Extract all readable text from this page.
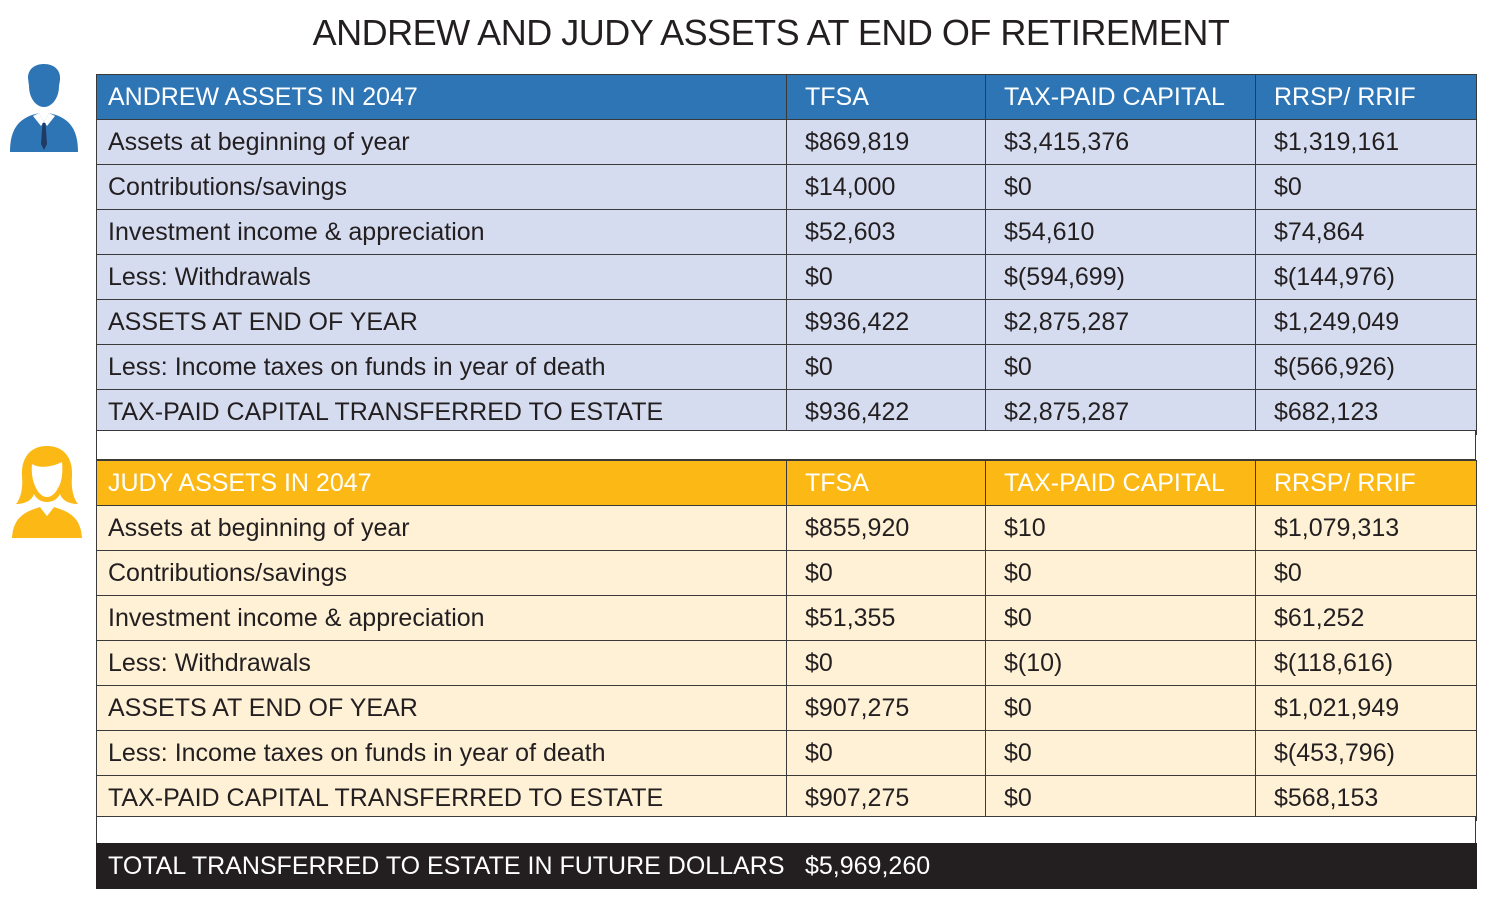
ANDREW AND JUDY ASSETS AT END OF RETIREMENT
ANDREW ASSETS IN 2047	TFSA	TAX-PAID CAPITAL	RRSP/ RRIF
Assets at beginning of year	$869,819	$3,415,376	$1,319,161
Contributions/savings	$14,000	$0	$0
Investment income & appreciation	$52,603	$54,610	$74,864
Less: Withdrawals	$0	$(594,699)	$(144,976)
ASSETS AT END OF YEAR	$936,422	$2,875,287	$1,249,049
Less: Income taxes on funds in year of death	$0	$0	$(566,926)
TAX-PAID CAPITAL TRANSFERRED TO ESTATE	$936,422	$2,875,287	$682,123
JUDY ASSETS IN 2047	TFSA	TAX-PAID CAPITAL	RRSP/ RRIF
Assets at beginning of year	$855,920	$10	$1,079,313
Contributions/savings	$0	$0	$0
Investment income & appreciation	$51,355	$0	$61,252
Less: Withdrawals	$0	$(10)	$(118,616)
ASSETS AT END OF YEAR	$907,275	$0	$1,021,949
Less: Income taxes on funds in year of death	$0	$0	$(453,796)
TAX-PAID CAPITAL TRANSFERRED TO ESTATE	$907,275	$0	$568,153
TOTAL TRANSFERRED TO ESTATE IN FUTURE DOLLARS $5,969,260
